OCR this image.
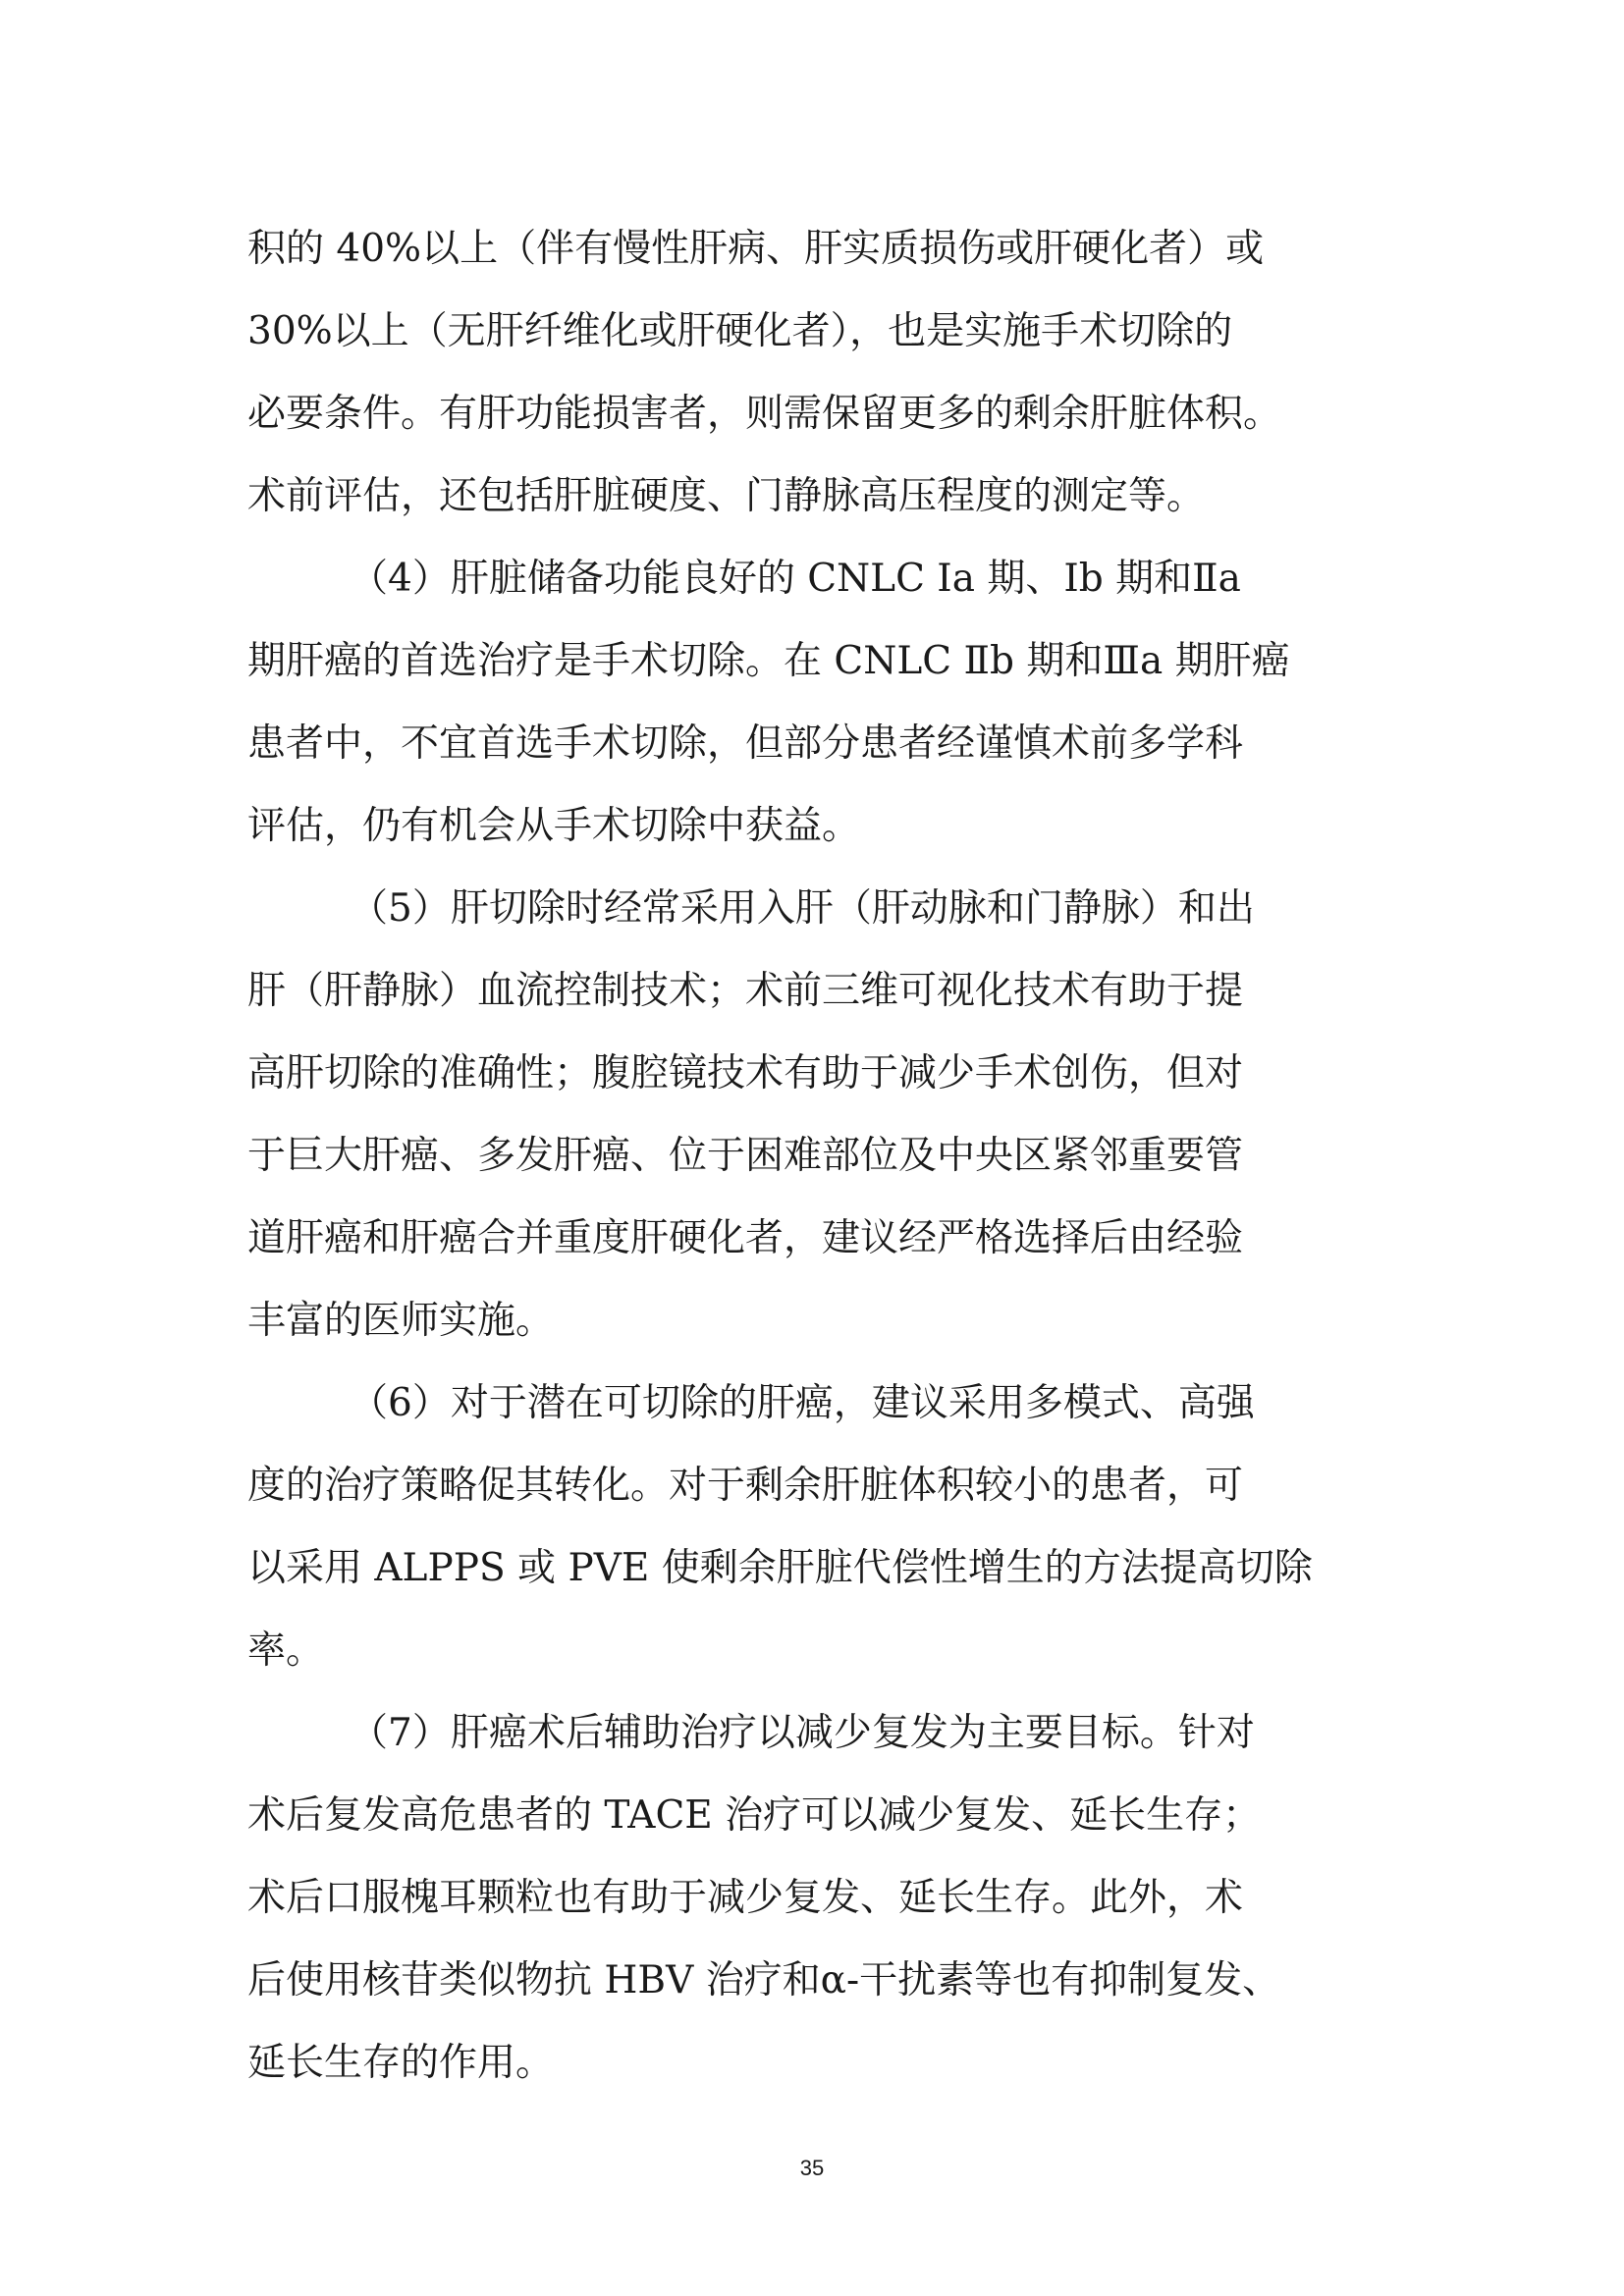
积的 40%以上（伴有慢性肝病、肝实质损伤或肝硬化者）或

30%以上（无肝纤维化或肝硬化者），也是实施手术切除的

必要条件。有肝功能损害者，则需保留更多的剩余肝脏体积。

术前评估，还包括肝脏硬度、门静脉高压程度的测定等。

（4）肝脏储备功能良好的 CNLC Ⅰa 期、Ⅰb 期和Ⅱa

期肝癌的首选治疗是手术切除。在 CNLC Ⅱb 期和Ⅲa 期肝癌

患者中，不宜首选手术切除，但部分患者经谨慎术前多学科

评估，仍有机会从手术切除中获益。

（5）肝切除时经常采用入肝（肝动脉和门静脉）和出

肝（肝静脉）血流控制技术；术前三维可视化技术有助于提

高肝切除的准确性；腹腔镜技术有助于减少手术创伤，但对

于巨大肝癌、多发肝癌、位于困难部位及中央区紧邻重要管

道肝癌和肝癌合并重度肝硬化者，建议经严格选择后由经验

丰富的医师实施。

（6）对于潜在可切除的肝癌，建议采用多模式、高强

度的治疗策略促其转化。对于剩余肝脏体积较小的患者，可

以采用 ALPPS 或 PVE 使剩余肝脏代偿性增生的方法提高切除

率。

（7）肝癌术后辅助治疗以减少复发为主要目标。针对

术后复发高危患者的 TACE 治疗可以减少复发、延长生存；

术后口服槐耳颗粒也有助于减少复发、延长生存。此外，术

后使用核苷类似物抗 HBV 治疗和α-干扰素等也有抑制复发、

延长生存的作用。

35
